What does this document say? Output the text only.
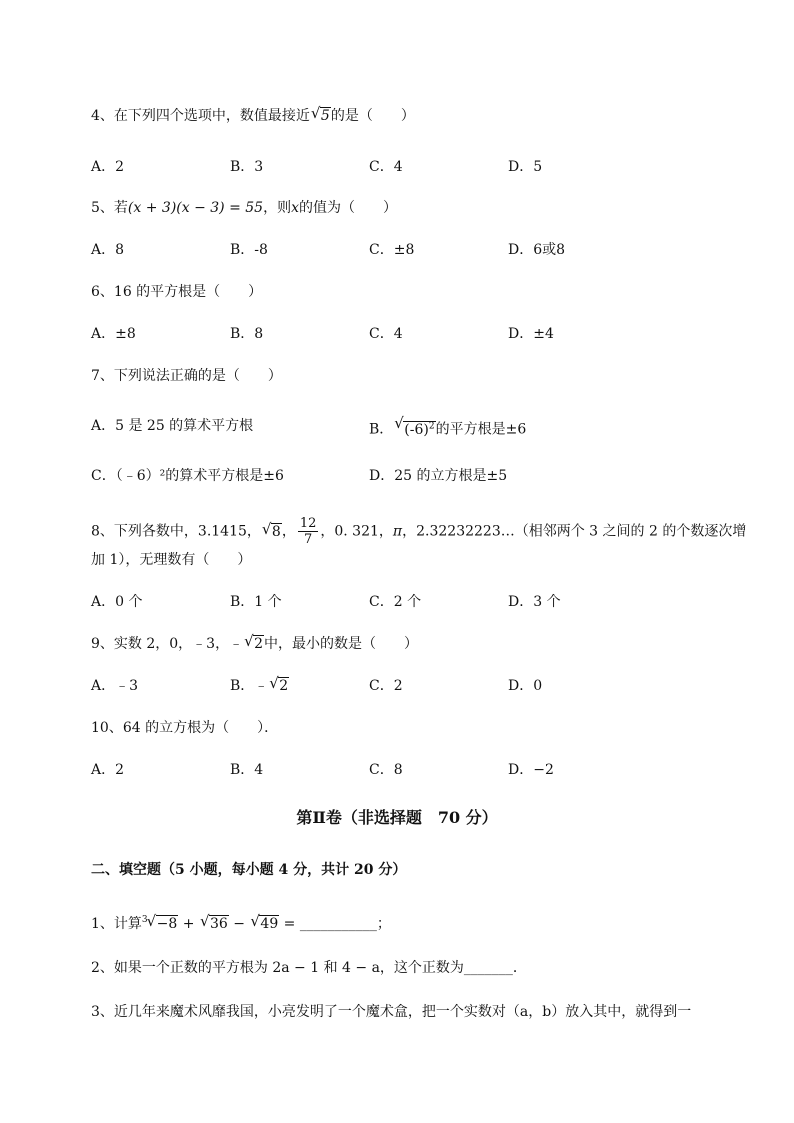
4、在下列四个选项中，数值最接近 √ 5的是（　　）
A．2	B．3	C．4	D．5
5、若(x + 3)(x − 3) = 55，则x的值为（　　）
A．8	B．-8	C．±8	D．6或8
6、16 的平方根是（　　）
A．±8	B．8	C．4	D．±4
7、下列说法正确的是（　　）
A．5 是 25 的算术平方根	B． √ $(-6)^2$的平方根是±6
C．（﹣6）²的算术平方根是±6	D．25 的立方根是±5
8、下列各数中，3.1415， √ 8， $\frac{12}{7}$ ，0. 321，π，2.32232223…（相邻两个 3 之间的 2 的个数逐次增
加 1），无理数有（　　）
A．0 个	B．1 个	C．2 个	D．3 个
9、实数 2，0，﹣3，﹣ √ 2中，最小的数是（　　）
A．﹣3	B．﹣ √ 2	C．2	D．0
10、64 的立方根为（　　）．
A．2	B．4	C．8	D．−2
第Ⅱ卷（非选择题　70 分）
二、填空题（5 小题，每小题 4 分，共计 20 分）
1、计算$^3$ √ −8 + √ 36 − √ 49 = ___________；
2、如果一个正数的平方根为 2a − 1 和 4 − a，这个正数为_______．
3、近几年来魔术风靡我国，小亮发明了一个魔术盒，把一个实数对（a，b）放入其中，就得到一
